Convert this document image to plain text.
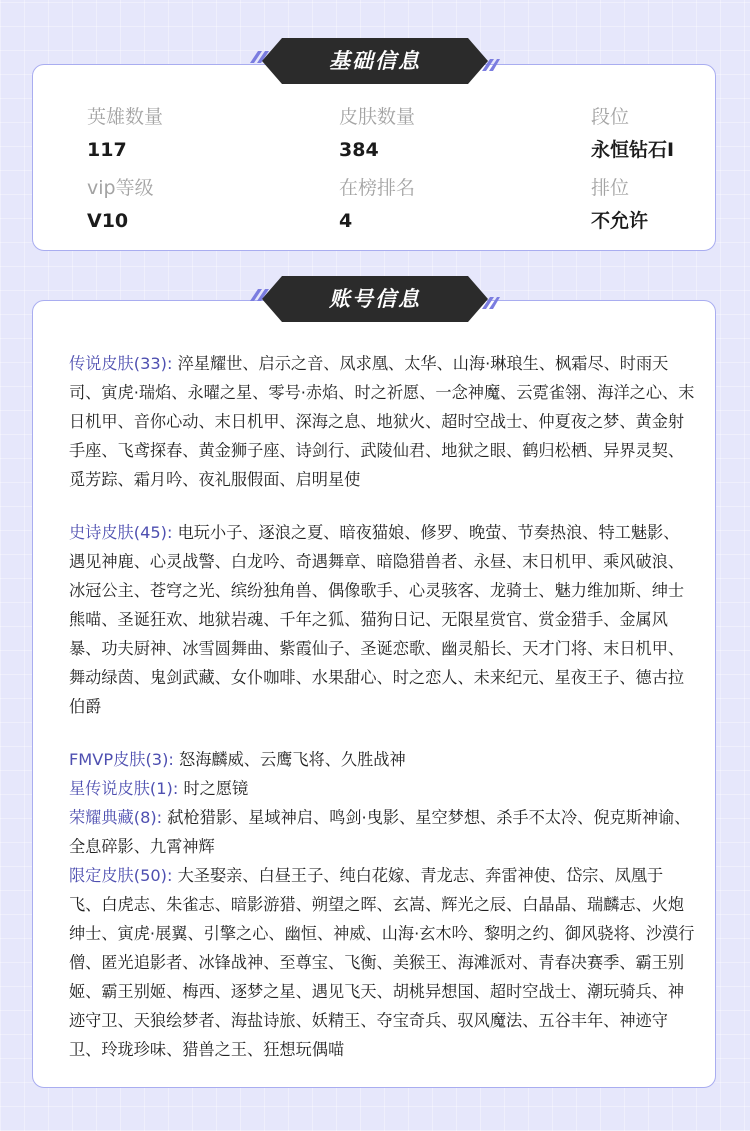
英雄数量
117
皮肤数量
384
段位
永恒钻石I
vip等级
V10
在榜排名
4
排位
不允许
基础信息

传说皮肤(33): 淬星耀世、启示之音、凤求凰、太华、山海·琳琅生、枫霜尽、时雨天司、寅虎·瑞焰、永曜之星、零号·赤焰、时之祈愿、一念神魔、云霓雀翎、海洋之心、末日机甲、音你心动、末日机甲、深海之息、地狱火、超时空战士、仲夏夜之梦、黄金射手座、飞鸢探春、黄金狮子座、诗剑行、武陵仙君、地狱之眼、鹤归松栖、异界灵契、觅芳踪、霜月吟、夜礼服假面、启明星使

史诗皮肤(45): 电玩小子、逐浪之夏、暗夜猫娘、修罗、晚萤、节奏热浪、特工魅影、遇见神鹿、心灵战警、白龙吟、奇遇舞章、暗隐猎兽者、永昼、末日机甲、乘风破浪、冰冠公主、苍穹之光、缤纷独角兽、偶像歌手、心灵骇客、龙骑士、魅力维加斯、绅士熊喵、圣诞狂欢、地狱岩魂、千年之狐、猫狗日记、无限星赏官、赏金猎手、金属风暴、功夫厨神、冰雪圆舞曲、紫霞仙子、圣诞恋歌、幽灵船长、天才门将、末日机甲、舞动绿茵、鬼剑武藏、女仆咖啡、水果甜心、时之恋人、未来纪元、星夜王子、德古拉伯爵

FMVP皮肤(3): 怒海麟威、云鹰飞将、久胜战神

星传说皮肤(1): 时之愿镜

荣耀典藏(8): 弑枪猎影、星域神启、鸣剑·曳影、星空梦想、杀手不太冷、倪克斯神谕、全息碎影、九霄神辉

限定皮肤(50): 大圣娶亲、白昼王子、纯白花嫁、青龙志、奔雷神使、岱宗、凤凰于飞、白虎志、朱雀志、暗影游猎、朔望之晖、玄嵩、辉光之辰、白晶晶、瑞麟志、火炮绅士、寅虎·展翼、引擎之心、幽恒、神威、山海·玄木吟、黎明之约、御风骁将、沙漠行僧、匿光追影者、冰锋战神、至尊宝、飞衡、美猴王、海滩派对、青春决赛季、霸王别姬、霸王别姬、梅西、逐梦之星、遇见飞天、胡桃异想国、超时空战士、潮玩骑兵、神迹守卫、天狼绘梦者、海盐诗旅、妖精王、夺宝奇兵、驭风魔法、五谷丰年、神迹守卫、玲珑珍味、猎兽之王、狂想玩偶喵

账号信息
